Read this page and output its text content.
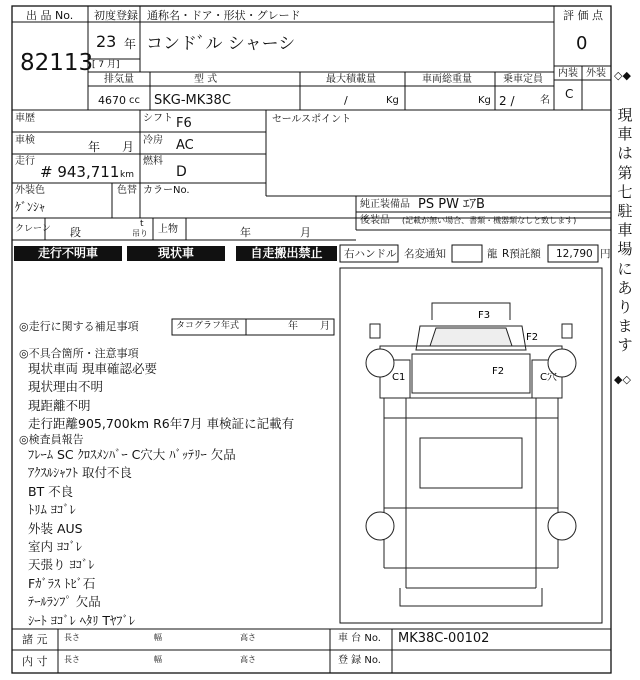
出 品 No.
82113
初度登録
23 年
[ 7 月]
通称名・ドア・形状・グレード
コンドﾞル シャーシ
評 価 点
0
内装 外装
C
排気量
4670 cc
型 式
SKG-MK38C
最大積載量
/	Kg
車両総重量
Kg
乗車定員
2 /	名
車歴	シフト F6
車検	年 月 冷房 AC
走行
# 943,711 km
燃料
D
外装色
ｹﾞﾝｼｬ
色替 カラーNo.
クレーン 段
t
吊り 上物	年	月
セールスポイント
純正装備品 PS PW ｴｱB
後装品 (記載が無い場合、書類・機器類なしと致します)
走行不明車	現状車	自走搬出禁止	右ハンドル 名変通知	⿓ R預託額 12,790 円
◎走行に関する補足事項	タコグラフ年式	年 月
◎不具合箇所・注意事項
現状車両 現車確認必要
現状理由不明
現距離不明
走行距離905,700km R6年7月 車検証に記載有
◎検査員報告
ﾌﾚｰﾑ SC ｸﾛｽﾒﾝﾊﾞｰ C穴大 ﾊﾞｯﾃﾘｰ 欠品
ｱｸｽﾙｼｬﾌﾄ 取付不良
BT 不良
ﾄﾘﾑ ﾖｺﾞﾚ
外装 AUS
室内 ﾖｺﾞﾚ
天張り ﾖｺﾞﾚ
Fｶﾞﾗｽ ﾄﾋﾞ石
ﾃｰﾙﾗﾝﾌﾟ 欠品
ｼｰﾄ ﾖｺﾞﾚ ﾍﾀﾘ Tﾔﾌﾞﾚ
F3
F2
F2
C1	C穴
諸 元 長さ	幅	高さ
内 寸 長さ	幅	高さ
車 台 No. MK38C-00102
登 録 No.
◇◆
現車は第七駐車場にあります
◆◇
